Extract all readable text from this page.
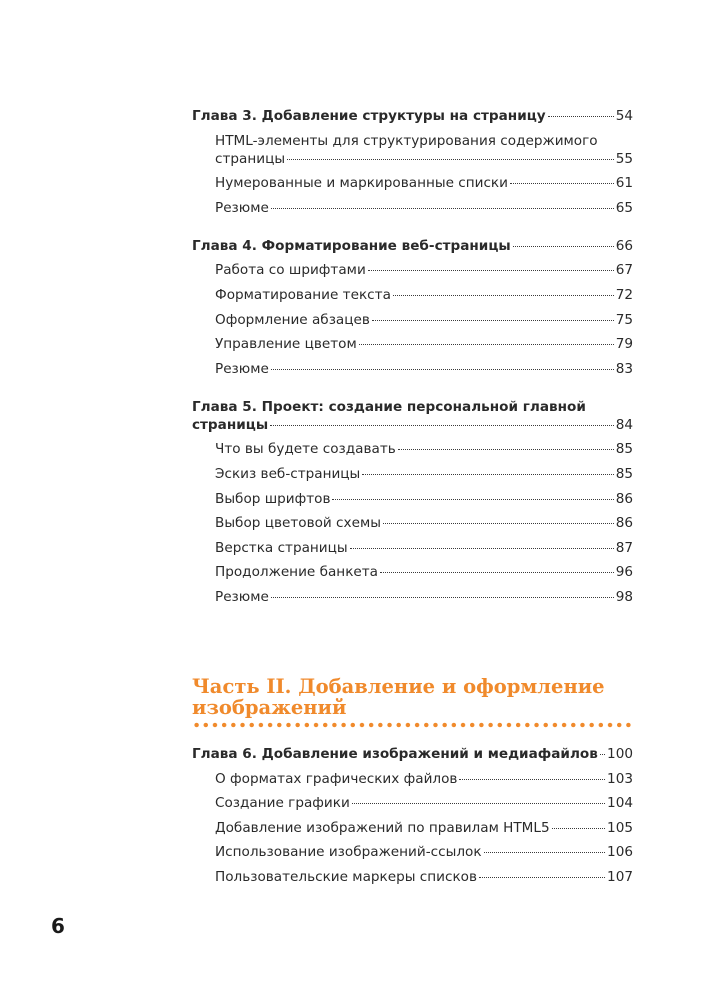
Глава 3. Добавление структуры на страницу	54
HTML-элементы для структурирования содержимого
страницы	55
Нумерованные и маркированные списки	61
Резюме	65
Глава 4. Форматирование веб-страницы	66
Работа со шрифтами	67
Форматирование текста	72
Оформление абзацев	75
Управление цветом	79
Резюме	83
Глава 5. Проект: создание персональной главной
страницы	84
Что вы будете создавать	85
Эскиз веб-страницы	85
Выбор шрифтов	86
Выбор цветовой схемы	86
Верстка страницы	87
Продолжение банкета	96
Резюме	98
Часть II. Добавление и оформление
изображений
Глава 6. Добавление изображений и медиафайлов 100
О форматах графических файлов	103
Создание графики	104
Добавление изображений по правилам HTML5	105
Использование изображений-ссылок	106
Пользовательские маркеры списков	107
6
